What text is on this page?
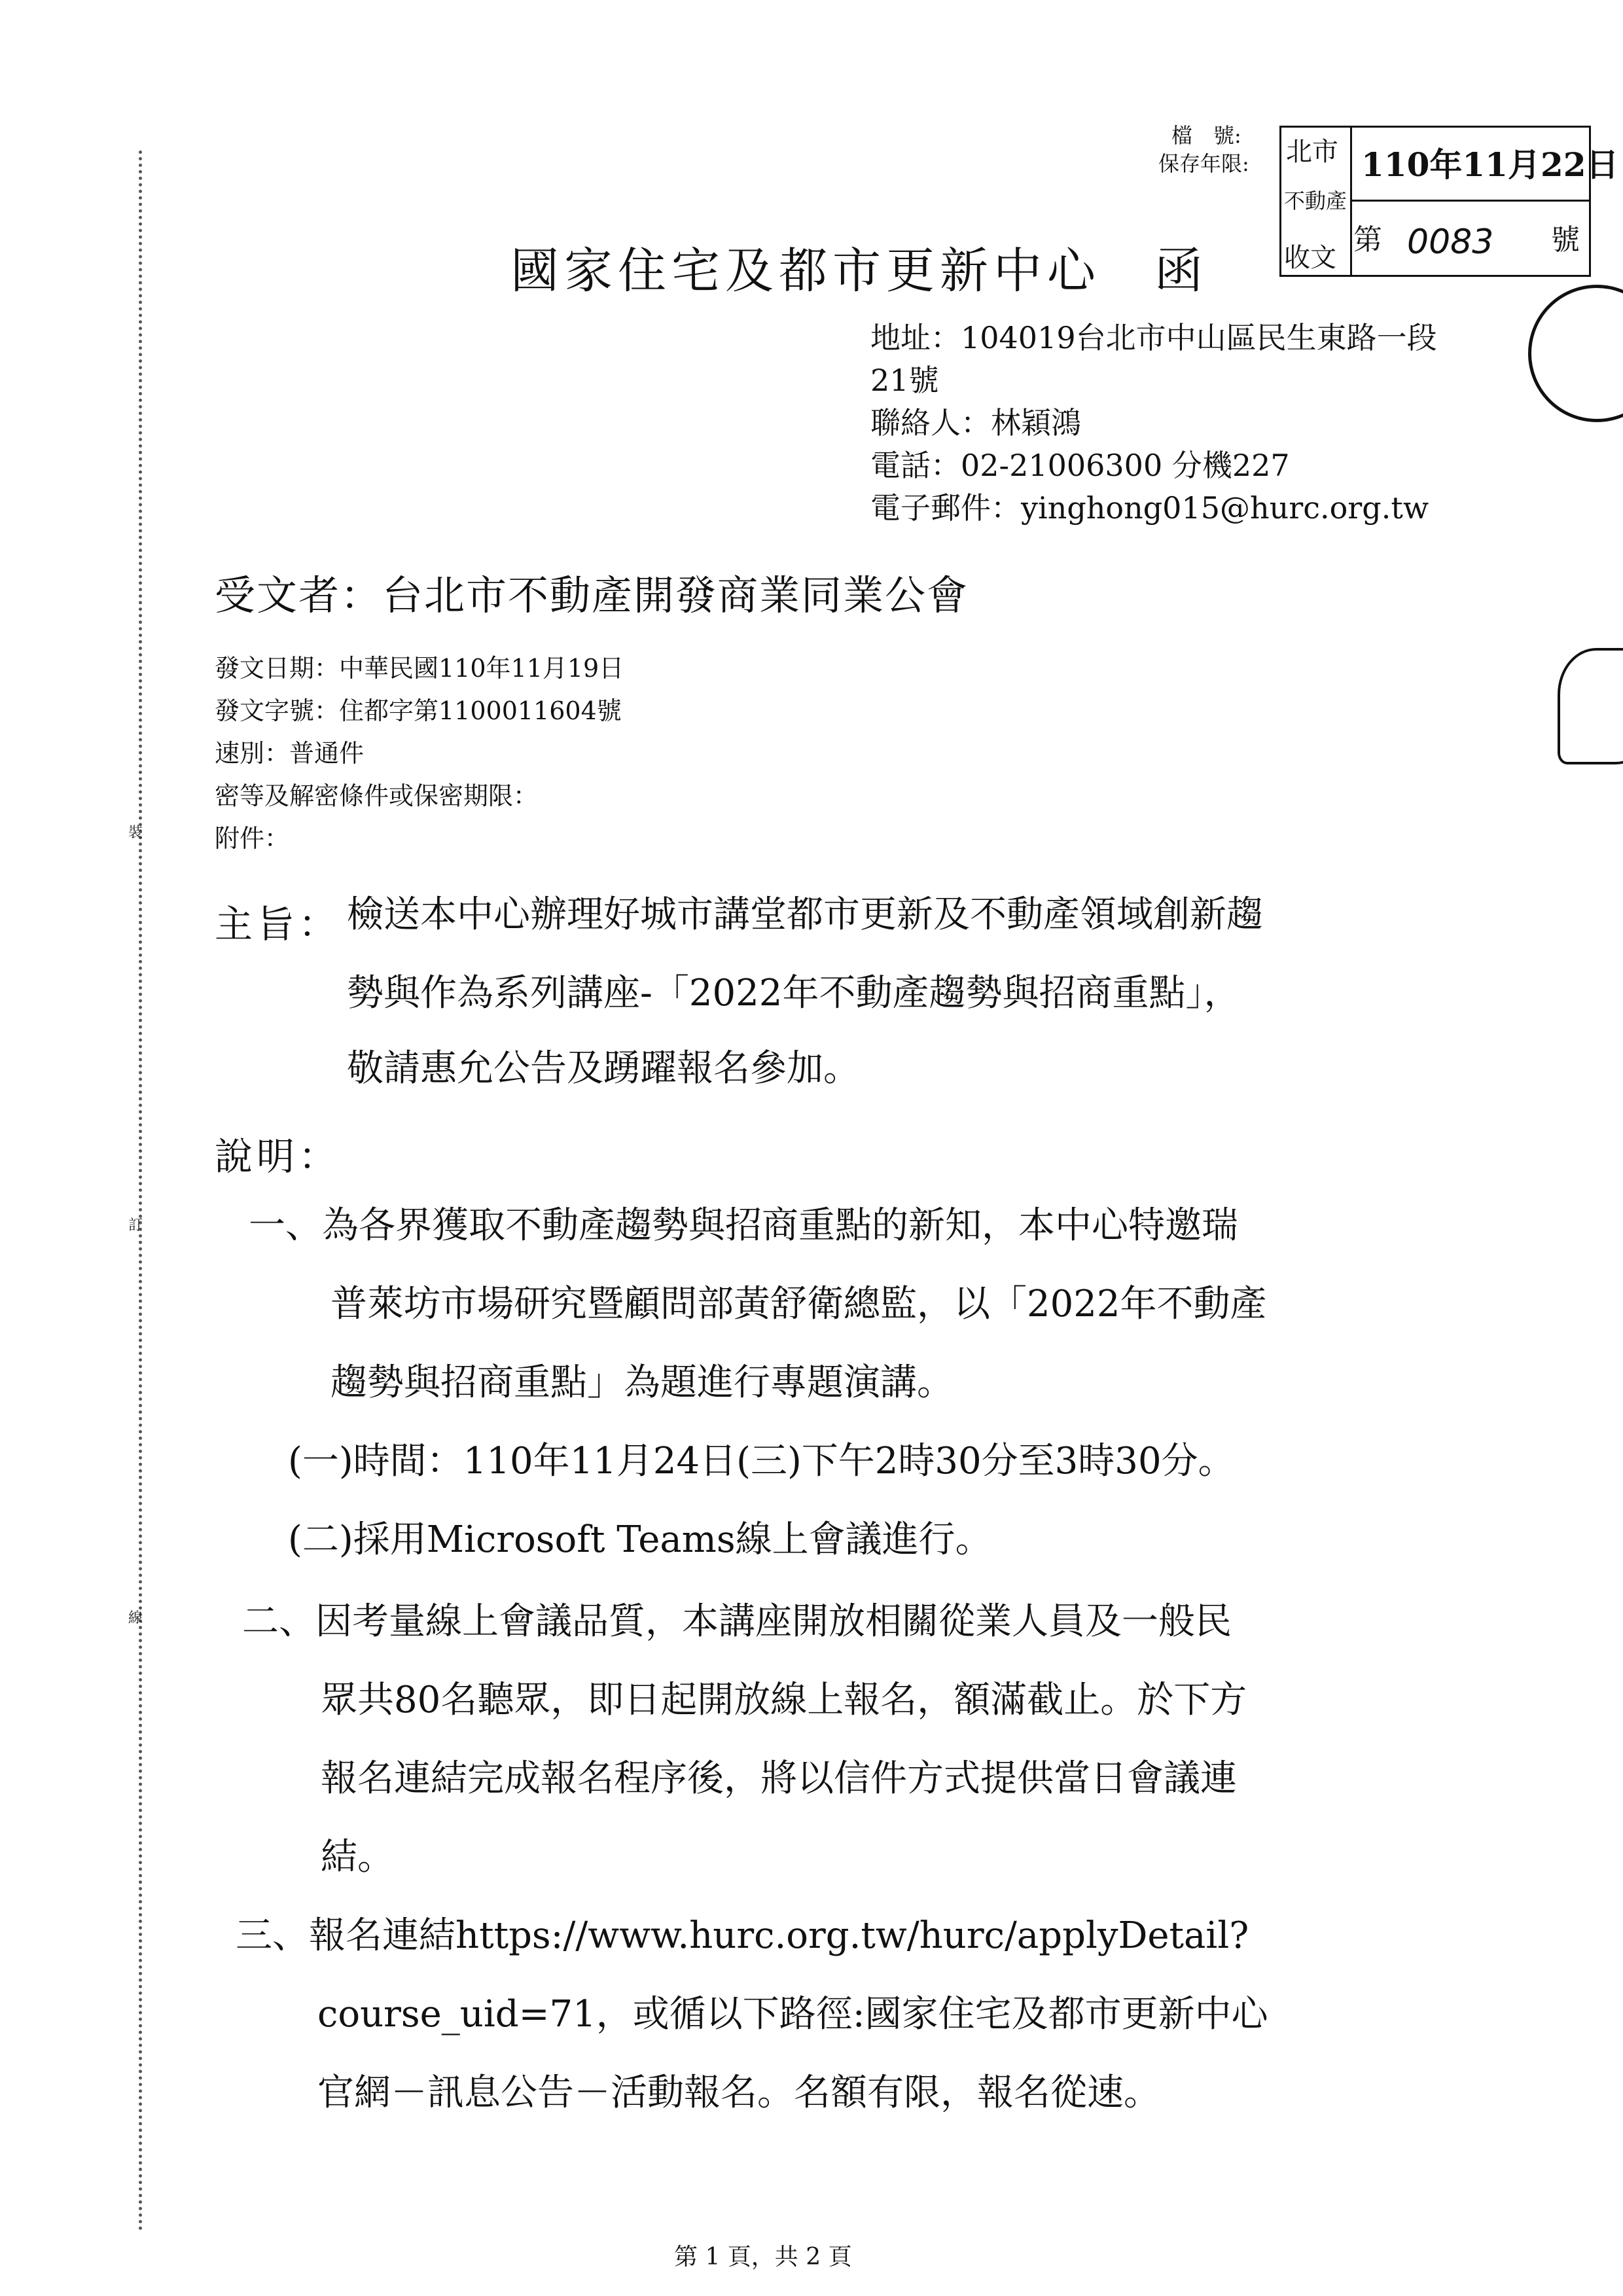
裝
訂
線
檔　號:
保存年限: 北市
不動產
收文
110年11月22日
第 0083 號
國家住宅及都市更新中心　函
地址：104019台北市中山區民生東路一段
21號
聯絡人：林穎鴻
電話：02-21006300 分機227
電子郵件：yinghong015@hurc.org.tw
受文者：台北市不動產開發商業同業公會
發文日期：中華民國110年11月19日
發文字號：住都字第1100011604號
速別：普通件
密等及解密條件或保密期限：
附件：
主旨： 檢送本中心辦理好城市講堂都市更新及不動產領域創新趨
勢與作為系列講座-「2022年不動產趨勢與招商重點」，
敬請惠允公告及踴躍報名參加。
說明：
一、為各界獲取不動產趨勢與招商重點的新知，本中心特邀瑞
普萊坊市場研究暨顧問部黃舒衛總監，以「2022年不動產
趨勢與招商重點」為題進行專題演講。
(一)時間：110年11月24日(三)下午2時30分至3時30分。
(二)採用Microsoft Teams線上會議進行。
二、因考量線上會議品質，本講座開放相關從業人員及一般民
眾共80名聽眾，即日起開放線上報名，額滿截止。於下方
報名連結完成報名程序後，將以信件方式提供當日會議連
結。
三、報名連結https://www.hurc.org.tw/hurc/applyDetail?
course_uid=71，或循以下路徑:國家住宅及都市更新中心
官網－訊息公告－活動報名。名額有限，報名從速。
第 1 頁，共 2 頁
